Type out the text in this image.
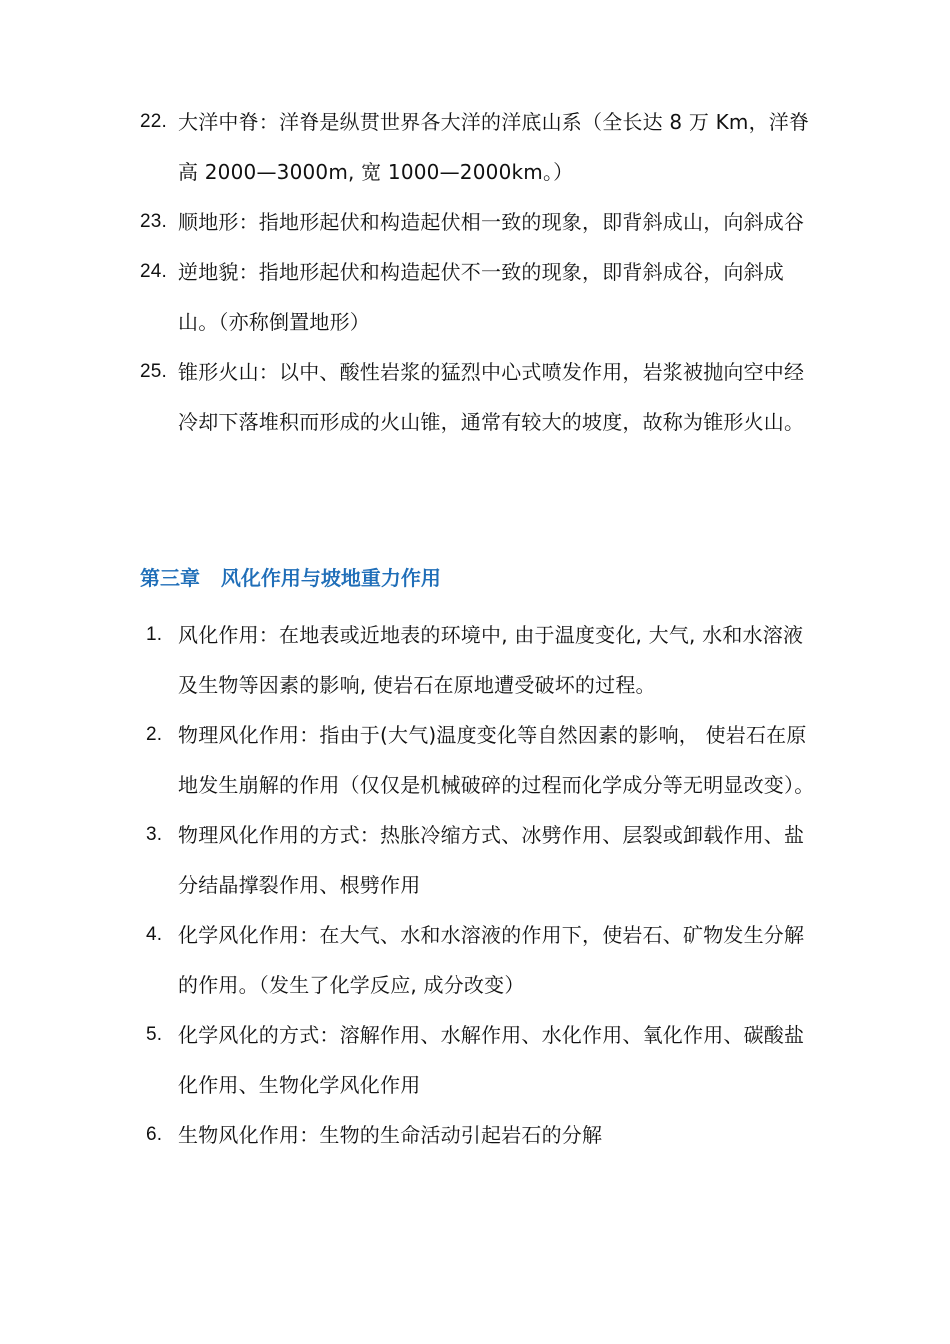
22. 大洋中脊：洋脊是纵贯世界各大洋的洋底山系（全长达 8 万 Km，洋脊高 2000—3000m, 宽 1000—2000km。）
23. 顺地形：指地形起伏和构造起伏相一致的现象，即背斜成山，向斜成谷
24. 逆地貌：指地形起伏和构造起伏不一致的现象，即背斜成谷，向斜成山。（亦称倒置地形）
25. 锥形火山：以中、酸性岩浆的猛烈中心式喷发作用，岩浆被抛向空中经冷却下落堆积而形成的火山锥，通常有较大的坡度，故称为锥形火山。
第三章   风化作用与坡地重力作用
1. 风化作用：在地表或近地表的环境中, 由于温度变化, 大气, 水和水溶液及生物等因素的影响, 使岩石在原地遭受破坏的过程。
2. 物理风化作用：指由于(大气)温度变化等自然因素的影响， 使岩石在原地发生崩解的作用（仅仅是机械破碎的过程而化学成分等无明显改变）。
3. 物理风化作用的方式：热胀冷缩方式、冰劈作用、层裂或卸载作用、盐分结晶撑裂作用、根劈作用
4. 化学风化作用：在大气、水和水溶液的作用下，使岩石、矿物发生分解的作用。（发生了化学反应, 成分改变）
5. 化学风化的方式：溶解作用、水解作用、水化作用、氧化作用、碳酸盐化作用、生物化学风化作用
6. 生物风化作用：生物的生命活动引起岩石的分解
